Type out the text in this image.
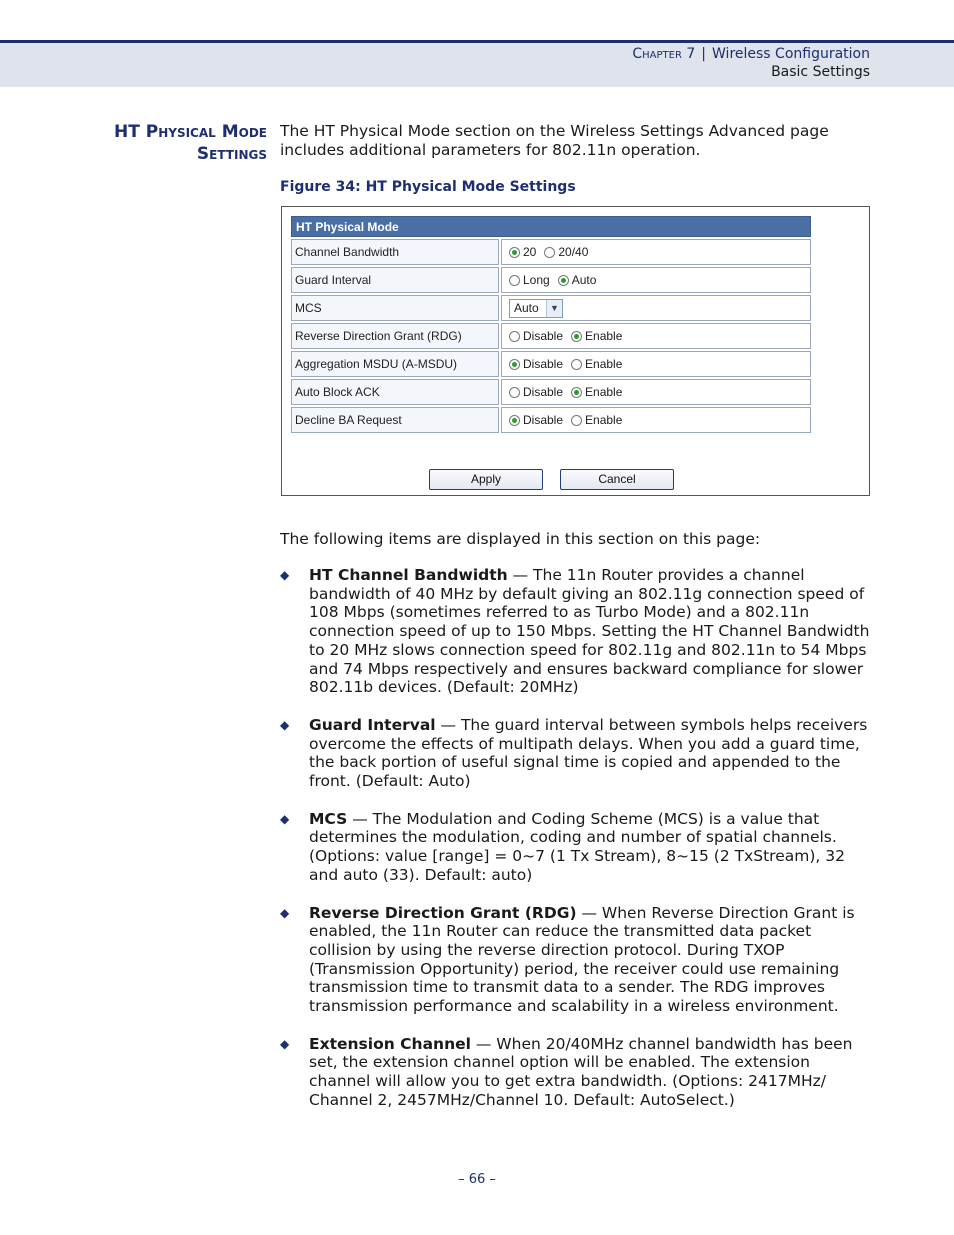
Chapter 7 | Wireless Configuration
Basic Settings
HT Physical Mode
Settings
The HT Physical Mode section on the Wireless Settings Advanced page includes additional parameters for 802.11n operation.
Figure 34: HT Physical Mode Settings
HT Physical Mode
Channel Bandwidth	20 20/40
Guard Interval	Long Auto
MCS	Auto	▼
Reverse Direction Grant (RDG)	Disable Enable
Aggregation MSDU (A-MSDU)	Disable Enable
Auto Block ACK	Disable Enable
Decline BA Request	Disable Enable
Apply	Cancel
The following items are displayed in this section on this page:
◆ HT Channel Bandwidth — The 11n Router provides a channel bandwidth of 40 MHz by default giving an 802.11g connection speed of 108 Mbps (sometimes referred to as Turbo Mode) and a 802.11n connection speed of up to 150 Mbps. Setting the HT Channel Bandwidth to 20 MHz slows connection speed for 802.11g and 802.11n to 54 Mbps and 74 Mbps respectively and ensures backward compliance for slower 802.11b devices. (Default: 20MHz)
◆ Guard Interval — The guard interval between symbols helps receivers overcome the effects of multipath delays. When you add a guard time, the back portion of useful signal time is copied and appended to the front. (Default: Auto)
◆ MCS — The Modulation and Coding Scheme (MCS) is a value that determines the modulation, coding and number of spatial channels. (Options: value [range] = 0~7 (1 Tx Stream), 8~15 (2 TxStream), 32 and auto (33). Default: auto)
◆ Reverse Direction Grant (RDG) — When Reverse Direction Grant is enabled, the 11n Router can reduce the transmitted data packet collision by using the reverse direction protocol. During TXOP (Transmission Opportunity) period, the receiver could use remaining transmission time to transmit data to a sender. The RDG improves transmission performance and scalability in a wireless environment.
◆ Extension Channel — When 20/40MHz channel bandwidth has been set, the extension channel option will be enabled. The extension channel will allow you to get extra bandwidth. (Options: 2417MHz/ Channel 2, 2457MHz/Channel 10. Default: AutoSelect.)
– 66 –
